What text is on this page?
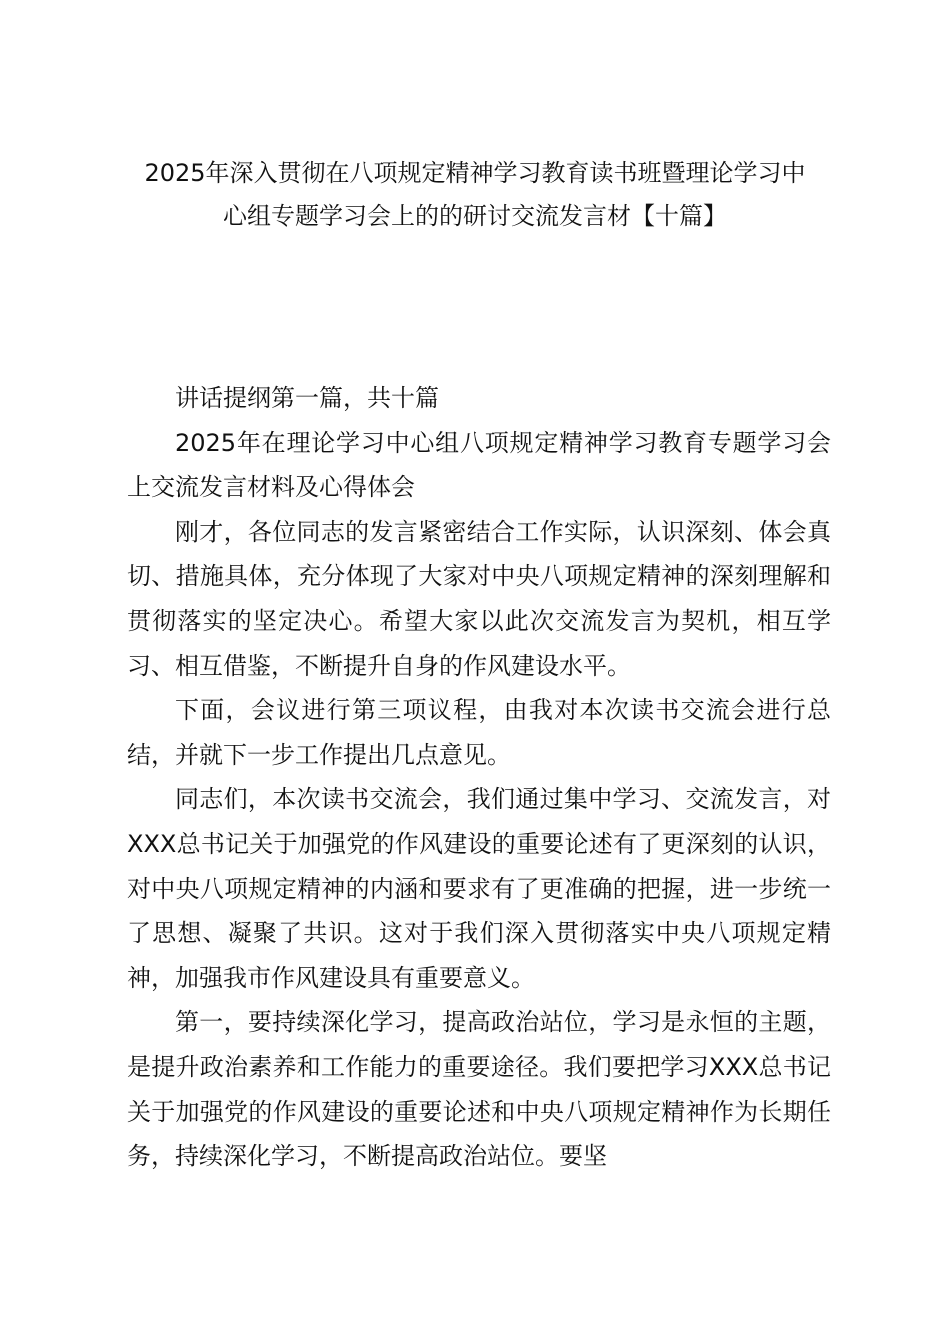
2025年深入贯彻在八项规定精神学习教育读书班暨理论学习中
心组专题学习会上的的研讨交流发言材【十篇】

讲话提纲第一篇，共十篇

2025年在理论学习中心组八项规定精神学习教育专题学习会上交流发言材料及心得体会

刚才，各位同志的发言紧密结合工作实际，认识深刻、体会真切、措施具体，充分体现了大家对中央八项规定精神的深刻理解和贯彻落实的坚定决心。希望大家以此次交流发言为契机，相互学习、相互借鉴，不断提升自身的作风建设水平。

下面，会议进行第三项议程，由我对本次读书交流会进行总结，并就下一步工作提出几点意见。

同志们，本次读书交流会，我们通过集中学习、交流发言，对XXX总书记关于加强党的作风建设的重要论述有了更深刻的认识，对中央八项规定精神的内涵和要求有了更准确的把握，进一步统一了思想、凝聚了共识。这对于我们深入贯彻落实中央八项规定精神，加强我市作风建设具有重要意义。

第一，要持续深化学习，提高政治站位，学习是永恒的主题，是提升政治素养和工作能力的重要途径。我们要把学习XXX总书记关于加强党的作风建设的重要论述和中央八项规定精神作为长期任务，持续深化学习，不断提高政治站位。要坚
